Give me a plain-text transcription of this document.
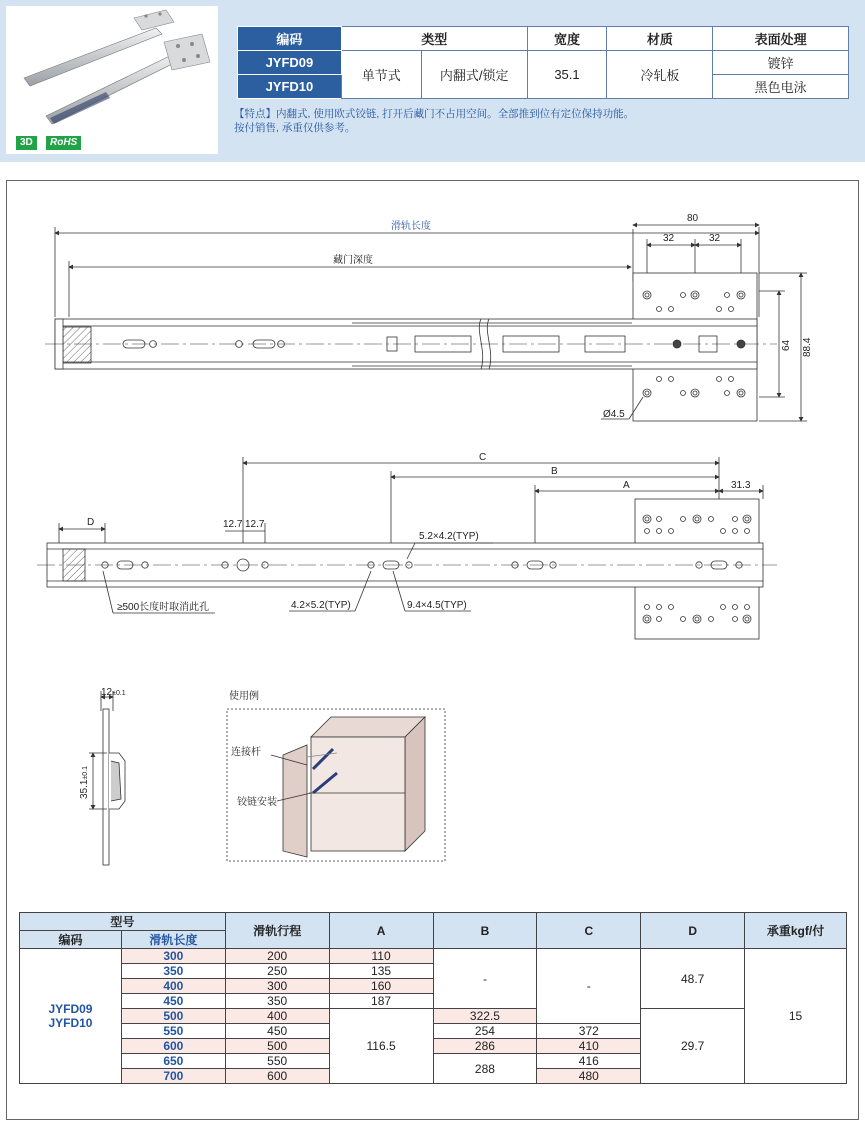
3D	RoHS
编码	类型		宽度	材质	表面处理
JYFD09	单节式	内翻式/锁定	35.1	冷轧板	镀锌
JYFD10					黑色电泳
【特点】内翻式, 使用欧式铰链, 打开后藏门不占用空间。全部推到位有定位保持功能。
按付销售, 承重仅供参考。
滑轨长度
藏门深度
80
32	32
64 88.4
Ø4.5
C
B
A	31.3
D	12.7 12.7
5.2×4.2(TYP)
≥500长度时取消此孔	4.2×5.2(TYP)	9.4×4.5(TYP)
12±0.1
35.1±0.1
使用例
连接杆
铰链安装
型号		滑轨行程	A	B	C	D	承重kgf/付
编码	滑轨长度						

JYFD09
JYFD10	300	200	110	-	-	48.7	15
	350	250	135				
	400	300	160				
	450	350	187				
	500	400	116.5	322.5		29.7	
	550	450		254	372		
	600	500		286	410		
	650	550		288	416		
	700	600			480		
